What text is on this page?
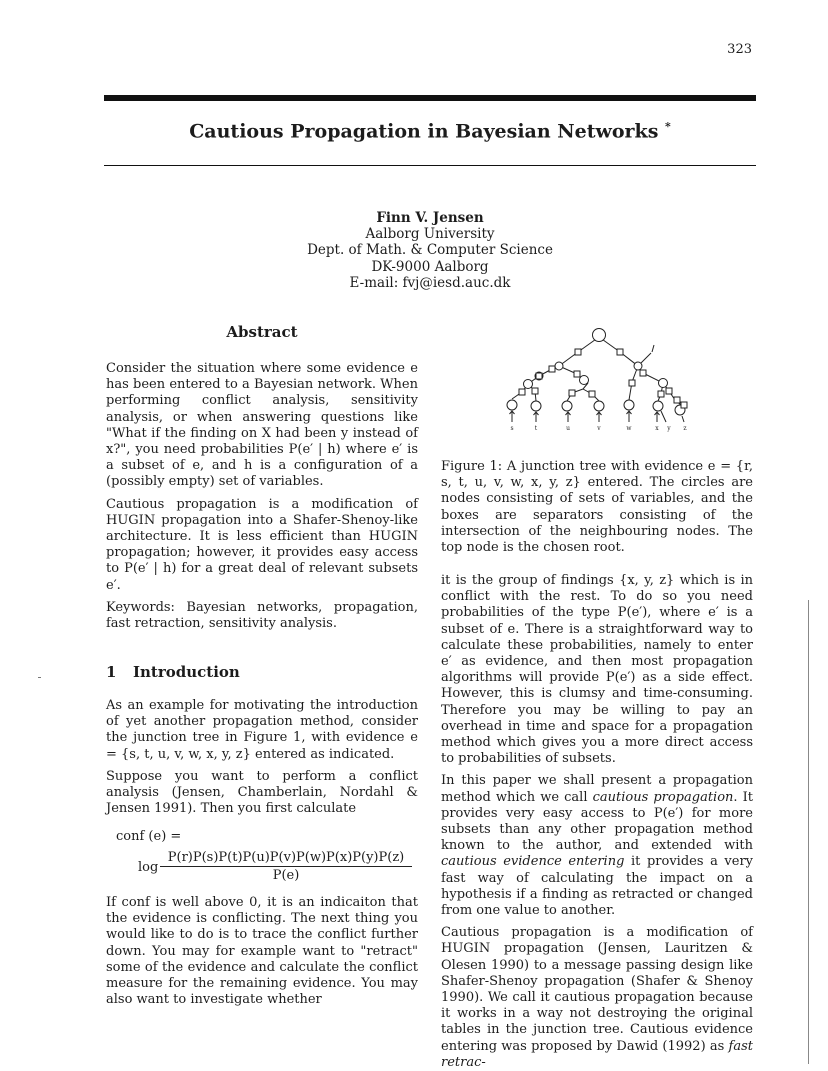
323
Cautious Propagation in Bayesian Networks *
Finn V. Jensen
Aalborg University
Dept. of Math. & Computer Science
DK-9000 Aalborg
E-mail: fvj@iesd.auc.dk
Abstract

Consider the situation where some evidence e has been entered to a Bayesian network. When performing conflict analysis, sensitivity analysis, or when answering questions like "What if the finding on X had been y instead of x?", you need probabilities P(e′ | h) where e′ is a subset of e, and h is a configuration of a (possibly empty) set of variables.

Cautious propagation is a modification of HUGIN propagation into a Shafer-Shenoy-like architecture. It is less efficient than HUGIN propagation; however, it provides easy access to P(e′ | h) for a great deal of relevant subsets e′.

Keywords: Bayesian networks, propagation, fast retraction, sensitivity analysis.

1 Introduction

As an example for motivating the introduction of yet another propagation method, consider the junction tree in Figure 1, with evidence e = {s, t, u, v, w, x, y, z} entered as indicated.

Suppose you want to perform a conflict analysis (Jensen, Chamberlain, Nordahl & Jensen 1991). Then you first calculate

conf (e) =
$\log \frac{P(r)P(s)P(t)P(u)P(v)P(w)P(x)P(y)P(z)}{P(e)}$

If conf is well above 0, it is an indicaiton that the evidence is conflicting. The next thing you would like to do is to trace the conflict further down. You may for example want to "retract" some of the evidence and calculate the conflict measure for the remaining evidence. You may also want to investigate whether

s	t	u	v	w	x y z

Figure 1: A junction tree with evidence e = {r, s, t, u, v, w, x, y, z} entered. The circles are nodes consisting of sets of variables, and the boxes are separators consisting of the intersection of the neighbouring nodes. The top node is the chosen root.

it is the group of findings {x, y, z} which is in conflict with the rest. To do so you need probabilities of the type P(e′), where e′ is a subset of e. There is a straightforward way to calculate these probabilities, namely to enter e′ as evidence, and then most propagation algorithms will provide P(e′) as a side effect. However, this is clumsy and time-consuming. Therefore you may be willing to pay an overhead in time and space for a propagation method which gives you a more direct access to probabilities of subsets.

In this paper we shall present a propagation method which we call cautious propagation. It provides very easy access to P(e′) for more subsets than any other propagation method known to the author, and extended with cautious evidence entering it provides a very fast way of calculating the impact on a hypothesis if a finding as retracted or changed from one value to another.

Cautious propagation is a modification of HUGIN propagation (Jensen, Lauritzen & Olesen 1990) to a message passing design like Shafer-Shenoy propagation (Shafer & Shenoy 1990). We call it cautious propagation because it works in a way not destroying the original tables in the junction tree. Cautious evidence entering was proposed by Dawid (1992) as fast retrac-
